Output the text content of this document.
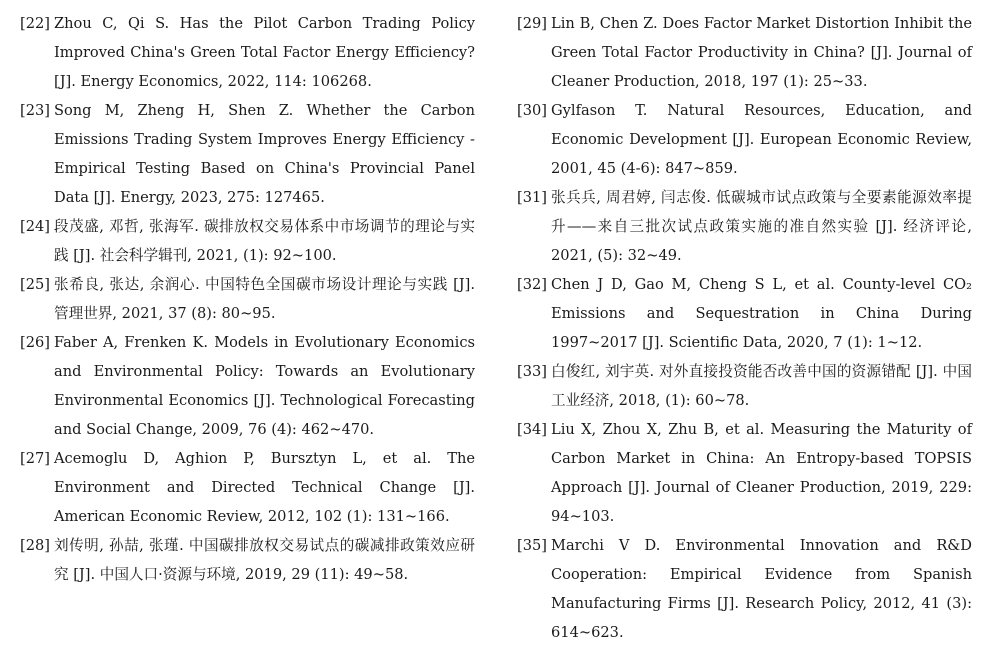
[22] Zhou C, Qi S. Has the Pilot Carbon Trading Policy Improved China's Green Total Factor Energy Efficiency? [J]. Energy Economics, 2022, 114: 106268.
[23] Song M, Zheng H, Shen Z. Whether the Carbon Emissions Trading System Improves Energy Efficiency - Empirical Testing Based on China's Provincial Panel Data [J]. Energy, 2023, 275: 127465.
[24] 段茂盛, 邓哲, 张海军. 碳排放权交易体系中市场调节的理论与实践 [J]. 社会科学辑刊, 2021, (1): 92~100.
[25] 张希良, 张达, 余润心. 中国特色全国碳市场设计理论与实践 [J]. 管理世界, 2021, 37 (8): 80~95.
[26] Faber A, Frenken K. Models in Evolutionary Economics and Environmental Policy: Towards an Evolutionary Environmental Economics [J]. Technological Forecasting and Social Change, 2009, 76 (4): 462~470.
[27] Acemoglu D, Aghion P, Bursztyn L, et al. The Environment and Directed Technical Change [J]. American Economic Review, 2012, 102 (1): 131~166.
[28] 刘传明, 孙喆, 张瑾. 中国碳排放权交易试点的碳减排政策效应研究 [J]. 中国人口·资源与环境, 2019, 29 (11): 49~58.
[29] Lin B, Chen Z. Does Factor Market Distortion Inhibit the Green Total Factor Productivity in China? [J]. Journal of Cleaner Production, 2018, 197 (1): 25~33.
[30] Gylfason T. Natural Resources, Education, and Economic Development [J]. European Economic Review, 2001, 45 (4-6): 847~859.
[31] 张兵兵, 周君婷, 闫志俊. 低碳城市试点政策与全要素能源效率提升——来自三批次试点政策实施的准自然实验 [J]. 经济评论, 2021, (5): 32~49.
[32] Chen J D, Gao M, Cheng S L, et al. County-level CO₂ Emissions and Sequestration in China During 1997~2017 [J]. Scientific Data, 2020, 7 (1): 1~12.
[33] 白俊红, 刘宇英. 对外直接投资能否改善中国的资源错配 [J]. 中国工业经济, 2018, (1): 60~78.
[34] Liu X, Zhou X, Zhu B, et al. Measuring the Maturity of Carbon Market in China: An Entropy-based TOPSIS Approach [J]. Journal of Cleaner Production, 2019, 229: 94~103.
[35] Marchi V D. Environmental Innovation and R&D Cooperation: Empirical Evidence from Spanish Manufacturing Firms [J]. Research Policy, 2012, 41 (3): 614~623.
